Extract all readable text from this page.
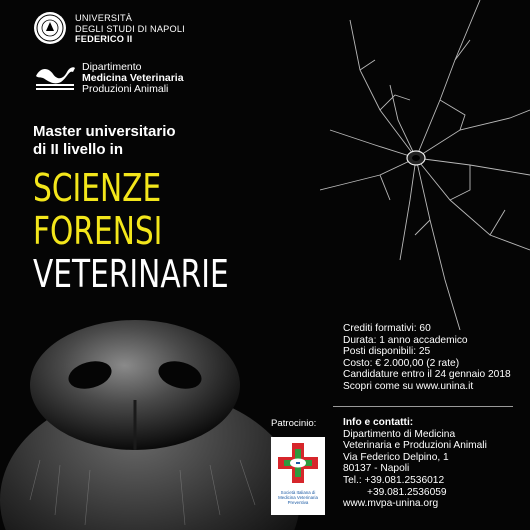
UNIVERSITÀ
DEGLI STUDI DI NAPOLI
FEDERICO II
Dipartimento
Medicina Veterinaria
Produzioni Animali
Master universitario
di II livello in
SCIENZE
FORENSI
VETERINARIE
Crediti formativi: 60
Durata: 1 anno accademico
Posti disponibili: 25
Costo: € 2.000,00 (2 rate)
Candidature entro il 24 gennaio 2018
Scopri come su www.unina.it
Patrocinio:
Società Italiana di
Medicina Veterinaria
Preventiva
Info e contatti:
Dipartimento di Medicina
Veterinaria e Produzioni Animali
Via Federico Delpino, 1
80137 - Napoli
Tel.: +39.081.2536012
+39.081.2536059
www.mvpa-unina.org
